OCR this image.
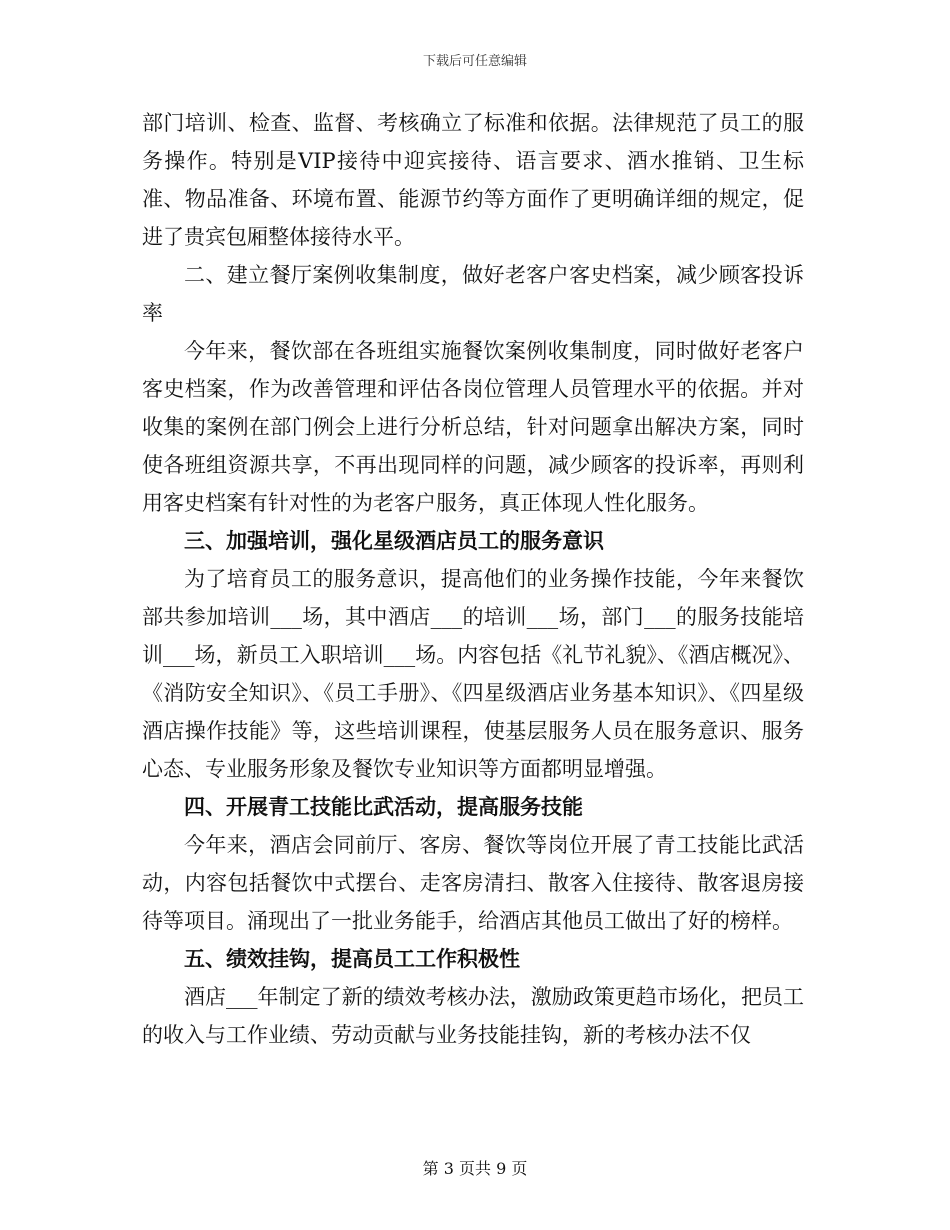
下载后可任意编辑

部门培训、检查、监督、考核确立了标准和依据。法律规范了员工的服务操作。特别是VIP接待中迎宾接待、语言要求、酒水推销、卫生标准、物品准备、环境布置、能源节约等方面作了更明确详细的规定，促进了贵宾包厢整体接待水平。

二、建立餐厅案例收集制度，做好老客户客史档案，减少顾客投诉率

今年来，餐饮部在各班组实施餐饮案例收集制度，同时做好老客户客史档案，作为改善管理和评估各岗位管理人员管理水平的依据。并对收集的案例在部门例会上进行分析总结，针对问题拿出解决方案，同时使各班组资源共享，不再出现同样的问题，减少顾客的投诉率，再则利用客史档案有针对性的为老客户服务，真正体现人性化服务。

三、加强培训，强化星级酒店员工的服务意识

为了培育员工的服务意识，提高他们的业务操作技能，今年来餐饮部共参加培训___场，其中酒店___的培训___场，部门___的服务技能培训___场，新员工入职培训___场。内容包括《礼节礼貌》、《酒店概况》、《消防安全知识》、《员工手册》、《四星级酒店业务基本知识》、《四星级酒店操作技能》等，这些培训课程，使基层服务人员在服务意识、服务心态、专业服务形象及餐饮专业知识等方面都明显增强。

四、开展青工技能比武活动，提高服务技能

今年来，酒店会同前厅、客房、餐饮等岗位开展了青工技能比武活动，内容包括餐饮中式摆台、走客房清扫、散客入住接待、散客退房接待等项目。涌现出了一批业务能手，给酒店其他员工做出了好的榜样。

五、绩效挂钩，提高员工工作积极性

酒店___年制定了新的绩效考核办法，激励政策更趋市场化，把员工的收入与工作业绩、劳动贡献与业务技能挂钩，新的考核办法不仅

第 3 页共 9 页
